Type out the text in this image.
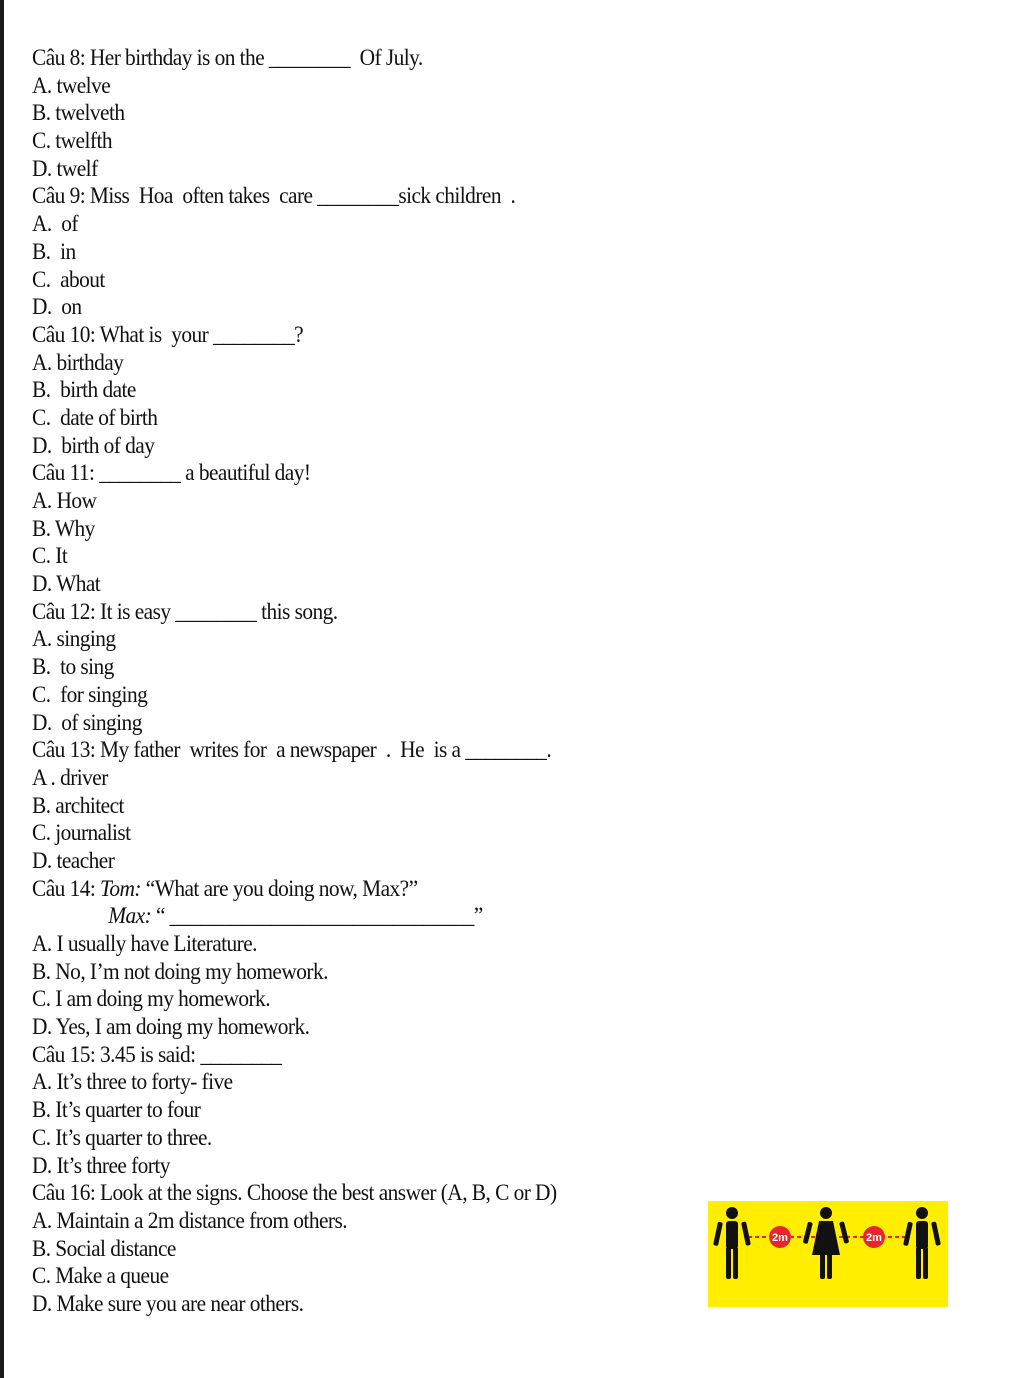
Câu 8: Her birthday is on the ________  Of July.
A. twelve
B. twelveth
C. twelfth
D. twelf
Câu 9: Miss  Hoa  often takes  care ________sick children  .
A.  of
B.  in
C.  about
D.  on
Câu 10: What is  your ________?
A. birthday
B.  birth date
C.  date of birth
D.  birth of day
Câu 11: ________ a beautiful day!
A. How
B. Why
C. It
D. What
Câu 12: It is easy ________ this song.
A. singing
B.  to sing
C.  for singing
D.  of singing
Câu 13: My father  writes for  a newspaper  .  He  is a ________.
A . driver
B. architect
C. journalist
D. teacher
Câu 14: Tom: “What are you doing now, Max?”
Max: “ ______________________________”
A. I usually have Literature.
B. No, I’m not doing my homework.
C. I am doing my homework.
D. Yes, I am doing my homework.
Câu 15: 3.45 is said: ________
A. It’s three to forty- five
B. It’s quarter to four
C. It’s quarter to three.
D. It’s three forty
Câu 16: Look at the signs. Choose the best answer (A, B, C or D)
A. Maintain a 2m distance from others.
B. Social distance
C. Make a queue
D. Make sure you are near others.
2m	2m
